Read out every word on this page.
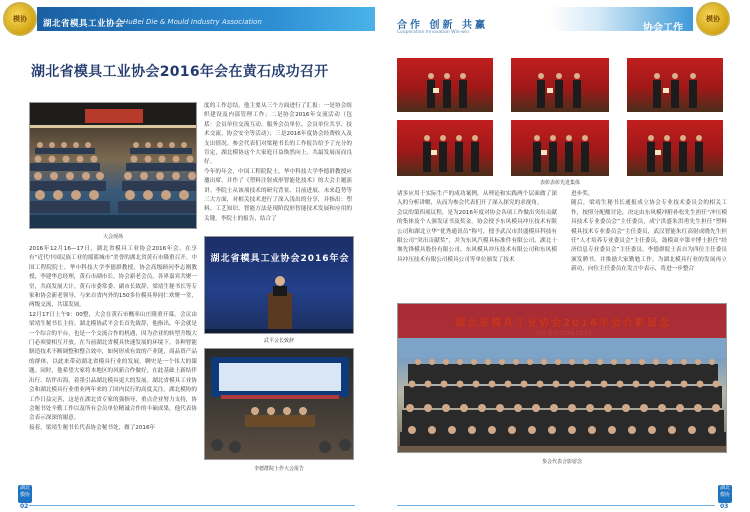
模协
湖北省模具工业协会
HuBei Die & Mould Industry Association
湖北省模具工业协会2016年会在黄石成功召开
大会现场
2016年12月16—17日，湖北省模具工业协会2016年会、在享有“近代中国民族工业的摇篮城市”美誉的湖北省黄石市隆重召开。中国工程院院士、华中科技大学李德群教授，协会高级顾问李志刚教授，李建华总经理，黄石市副市长、协会新老会员，各界嘉宾共聚一堂，共商发展大计。黄石市委常委、副市长致辞，梁靖生秘书长等专家和协会新老领导，与来自省内外的150多位模具界同仁欢聚一堂，两级交流，共谋发展。
12月17日上午9：00整，大会在黄石市概率山庄隆重开幕。会议由梁靖生秘书长主持。湖北模协武平会长首先致辞，他指出，年会就是一个综合的平台，也是一个交流合作的机遇，因为企业的转型升级大门必须要相互开放。在当前湖北省模具快速发展的环境下，各种智能制造技术不断调整和整合效中，如何形成有效的产业链，商品资产品的群体，以此来带动湖北省模具行业的发展。聊史是一个伟大的课题。同时，他希望大家将本地区的风新合作做好，在此基础上新结伴出行、结伴出海，着墨引品湖北模具更大的发展。湖北省模具工业协会和湖北模具行业重业两年来的了国内民行的高度关注。湖北模协的工作日益完善，这是在湖北省专家的强指导，重点企业努力支持，协会秘书处辛勤工作以及所有会员单位精诚合作的丰硕成果，他代表协会表示深深的谢意。
接着，梁靖生秘书长代表协会秘书处，做了2016年
度的工作总结。他主要从三个方面进行了汇报：一是协会组织建设及内部管理工作；二是协会2016年交流活动（包括：会员单位交流互动、服务会员单位、会员单位共享、技术交流、协会安全等活动）；三是2016年度协会经费收入及支出情况。参会代表们对梁秘书长的工作报告给予了充分的肯定，湖北模协这个大家庭日益焕然向上、共最发展而而良好。
今年的年会，中国工程院院士、华中科技大学李德群教授应邀出席，并作了《塑料注射成形智能化技术》的大会主题演讲。李院士从该项技术的研究背景、目前进展、未来趋势等三大方面，对相关技术进行了深入浅出的分享，并指出：塑料、工艺知识、智能方法是现阶段形智能技术发展和应用的关键。李院士的报告，结合了
湖北省模具工业协会2016年会
武平会长致辞
李德群院士作大会报告
湖北模协
02
合作 创新 共赢
Cooperation Innovation Win-win	协会工作
模协
表彰表彰先进集体
诸多应用于实际生产的成功案例，从理论和实践两个层面做了深入的分析讲解，从而为参会代表们开了深入探究的求视角。
会议的第四项议程，是为2016年度对协会各项工作做出突出贡献的集体及个人颁发证书及奖金。协会授予东风模具冲压技术有限公司和湖北立华“优秀通讯员”称号，授予武汉市洪盛模具科技有限公司“突出贡献奖”，并为东风汽模具标准件有限公司、湖北十堰先锋模具股份有限公司、东风模具冲压技术有限公司和东风模具冲压技术有限公司模具公司等单位颁发了技术
进步奖。
随后，梁靖生秘书长通报成立协会专业技术委员会的相关工作，按照分配酿讨论，决定由东风模冲附孙松先生担任“冲压模具技术专业委员会”主任委员，成宁洪盛朱洪勇先生担任“塑料模具技术专业委员会”主任委员，武汉智能朱红高射成晓先生担任“人才培养专业委员会”主任委员，鼓模双辛第辛博士担任“经济信息专业委员会”主任委员。李德群院士表自为四位主任委员颁发聘书，并推励大家勤勉工作，为湖北模具行业的发展再立新功，向位主任委员在发言中表示，将进一步整合
参会代表合影留念
湖北模协
03
